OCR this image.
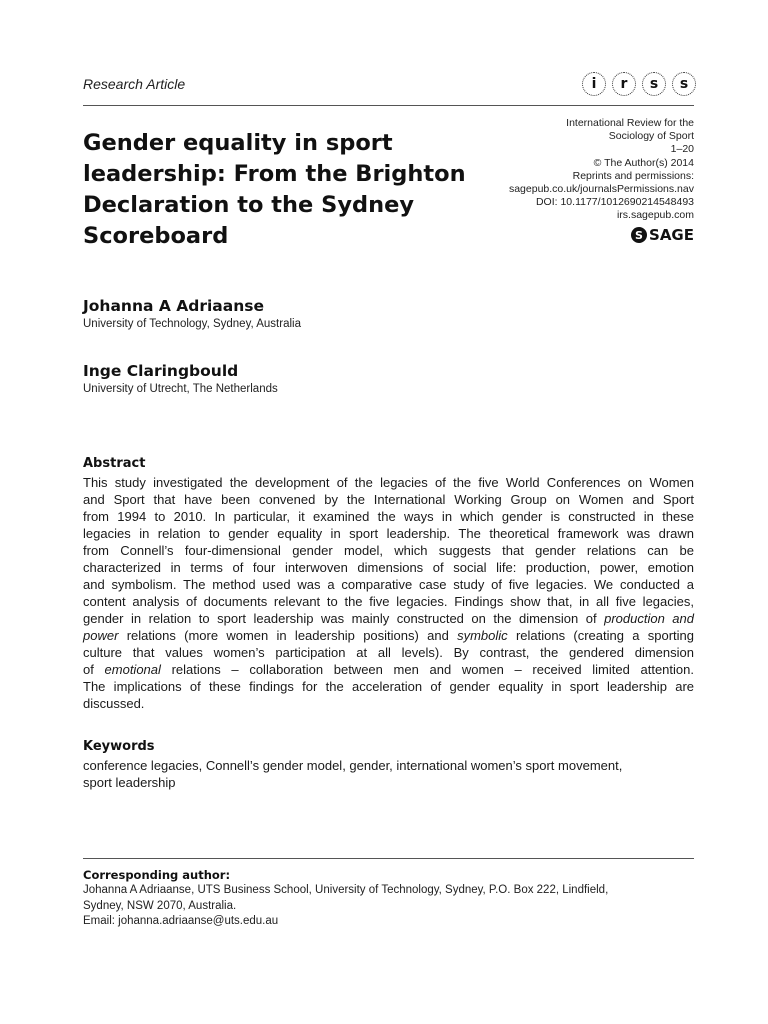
Research Article	i	r	s	s
Gender equality in sport
leadership: From the Brighton
Declaration to the Sydney
Scoreboard
International Review for the
Sociology of Sport
1–20
© The Author(s) 2014
Reprints and permissions:
sagepub.co.uk/journalsPermissions.nav
DOI: 10.1177/1012690214548493
irs.sagepub.com
S SAGE
Johanna A Adriaanse
University of Technology, Sydney, Australia
Inge Claringbould
University of Utrecht, The Netherlands
Abstract
This study investigated the development of the legacies of the five World Conferences on Women
and Sport that have been convened by the International Working Group on Women and Sport
from 1994 to 2010. In particular, it examined the ways in which gender is constructed in these
legacies in relation to gender equality in sport leadership. The theoretical framework was drawn
from Connell’s four-dimensional gender model, which suggests that gender relations can be
characterized in terms of four interwoven dimensions of social life: production, power, emotion
and symbolism. The method used was a comparative case study of five legacies. We conducted a
content analysis of documents relevant to the five legacies. Findings show that, in all five legacies,
gender in relation to sport leadership was mainly constructed on the dimension of production and
power relations (more women in leadership positions) and symbolic relations (creating a sporting
culture that values women’s participation at all levels). By contrast, the gendered dimension
of emotional relations – collaboration between men and women – received limited attention.
The implications of these findings for the acceleration of gender equality in sport leadership are
discussed.
Keywords
conference legacies, Connell’s gender model, gender, international women’s sport movement,
sport leadership
Corresponding author:
Johanna A Adriaanse, UTS Business School, University of Technology, Sydney, P.O. Box 222, Lindfield,
Sydney, NSW 2070, Australia.
Email: johanna.adriaanse@uts.edu.au
